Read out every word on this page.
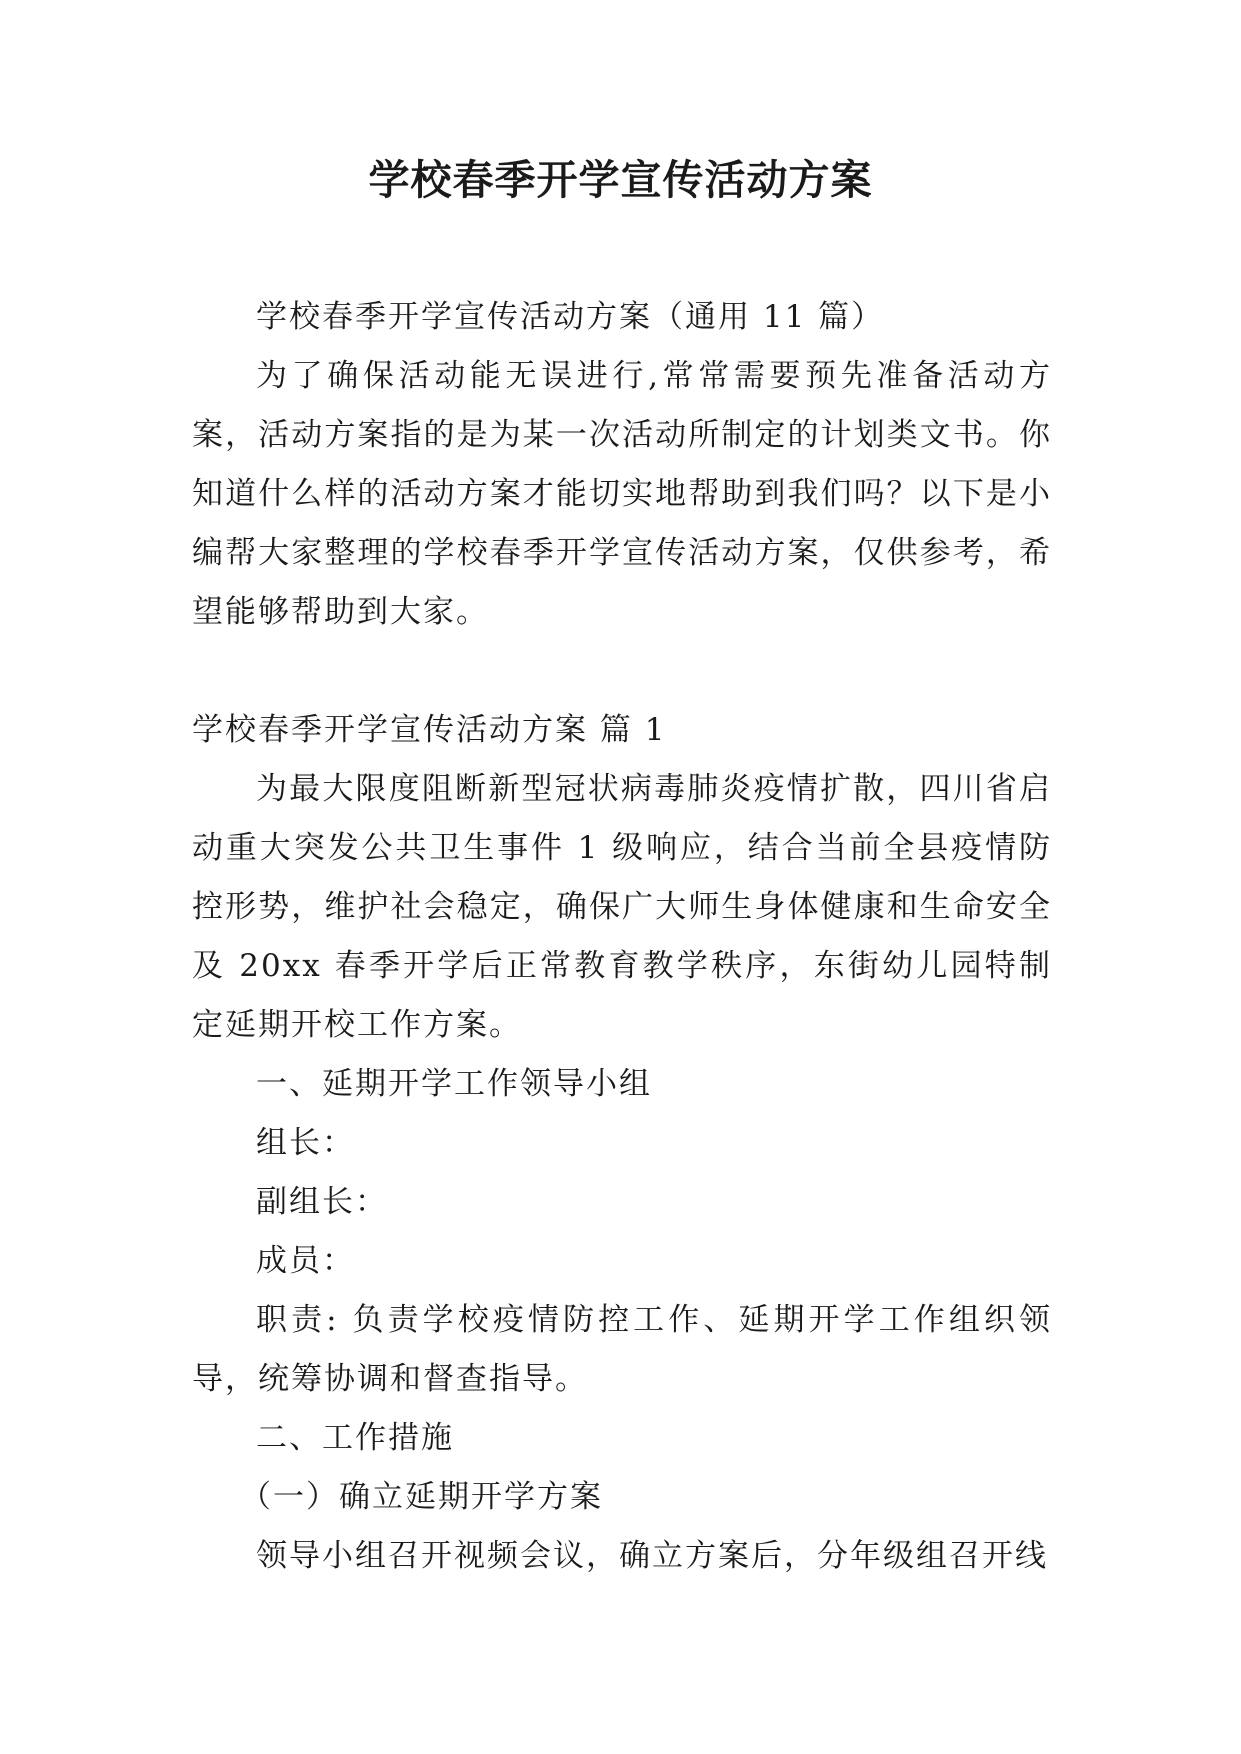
学校春季开学宣传活动方案

学校春季开学宣传活动方案（通用 11 篇）

为了确保活动能无误进行,常常需要预先准备活动方案，活动方案指的是为某一次活动所制定的计划类文书。你知道什么样的活动方案才能切实地帮助到我们吗？以下是小编帮大家整理的学校春季开学宣传活动方案，仅供参考，希望能够帮助到大家。

学校春季开学宣传活动方案 篇 1

为最大限度阻断新型冠状病毒肺炎疫情扩散，四川省启动重大突发公共卫生事件 1 级响应，结合当前全县疫情防控形势，维护社会稳定，确保广大师生身体健康和生命安全及 20xx 春季开学后正常教育教学秩序，东街幼儿园特制定延期开校工作方案。

一、延期开学工作领导小组

组长：

副组长：

成员：

职责: 负责学校疫情防控工作、延期开学工作组织领导，统筹协调和督查指导。

二、工作措施

（一）确立延期开学方案

领导小组召开视频会议，确立方案后，分年级组召开线
